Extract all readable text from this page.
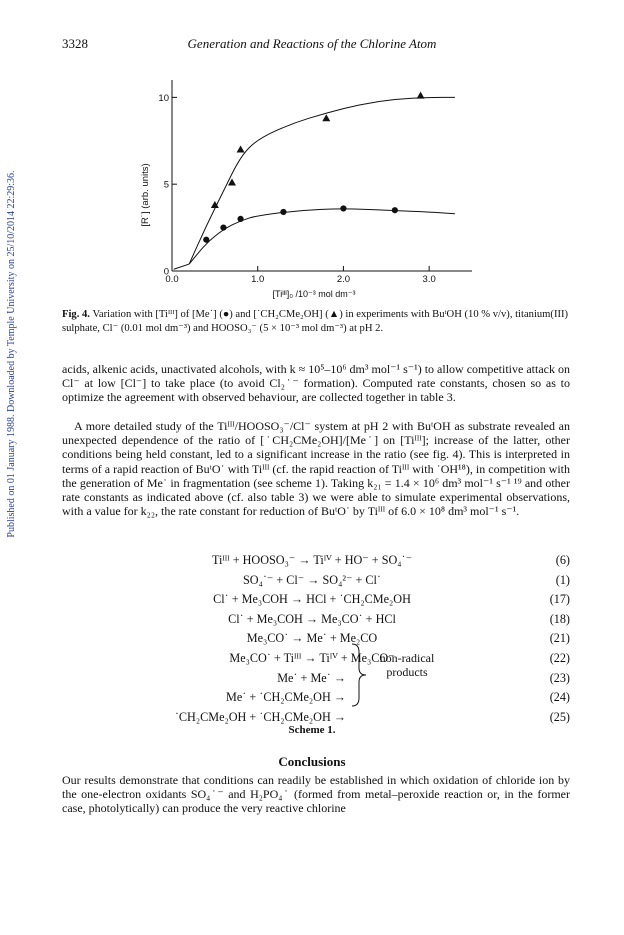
Published on 01 January 1988. Downloaded by Temple University on 25/10/2014 22:29:36.
3328	Generation and Reactions of the Chlorine Atom
0.0	1.0	2.0	3.0
0
5
10
[R˙] (arb. units)
[Tiᴵᴵᴵ]₀ /10⁻³ mol dm⁻³
Fig. 4. Variation with [Tiᴵᴵᴵ] of [Me˙] (●) and [˙CH₂CMe₂OH] (▲) in experiments with BuᵗOH (10 % v/v), titanium(III) sulphate, Cl⁻ (0.01 mol dm⁻³) and HOOSO₃⁻ (5 × 10⁻³ mol dm⁻³) at pH 2.
acids, alkenic acids, unactivated alcohols, with k ≈ 10⁵–10⁶ dm³ mol⁻¹ s⁻¹) to allow competitive attack on Cl⁻ at low [Cl⁻] to take place (to avoid Cl₂˙⁻ formation). Computed rate constants, chosen so as to optimize the agreement with observed behaviour, are collected together in table 3.
A more detailed study of the Tiᴵᴵᴵ/HOOSO₃⁻/Cl⁻ system at pH 2 with BuᵗOH as substrate revealed an unexpected dependence of the ratio of [˙CH₂CMe₂OH]/[Me˙] on [Tiᴵᴵᴵ]; increase of the latter, other conditions being held constant, led to a significant increase in the ratio (see fig. 4). This is interpreted in terms of a rapid reaction of BuᵗO˙ with Tiᴵᴵᴵ (cf. the rapid reaction of Tiᴵᴵᴵ with ˙OH¹⁸), in competition with the generation of Me˙ in fragmentation (see scheme 1). Taking k₂₁ = 1.4 × 10⁶ dm³ mol⁻¹ s⁻¹ ¹⁹ and other rate constants as indicated above (cf. also table 3) we were able to simulate experimental observations, with a value for k₂₂, the rate constant for reduction of BuᵗO˙ by Tiᴵᴵᴵ of 6.0 × 10⁸ dm³ mol⁻¹ s⁻¹.
Tiᴵᴵᴵ + HOOSO₃⁻ → Tiᴵⱽ + HO⁻ + SO₄˙⁻	(6)
SO₄˙⁻ + Cl⁻ → SO₄²⁻ + Cl˙	(1)
Cl˙ + Me₃COH → HCl + ˙CH₂CMe₂OH	(17)
Cl˙ + Me₃COH → Me₃CO˙ + HCl	(18)
Me₃CO˙ → Me˙ + Me₂CO	(21)
Me₃CO˙ + Tiᴵᴵᴵ → Tiᴵⱽ + Me₃CO⁻	(22)
Me˙ + Me˙ →	(23)
Me˙ + ˙CH₂CMe₂OH →	(24)
˙CH₂CMe₂OH + ˙CH₂CMe₂OH →	(25)
non-radical
products
Scheme 1.
Conclusions
Our results demonstrate that conditions can readily be established in which oxidation of chloride ion by the one-electron oxidants SO₄˙⁻ and H₂PO₄˙ (formed from metal–peroxide reaction or, in the former case, photolytically) can produce the very reactive chlorine
